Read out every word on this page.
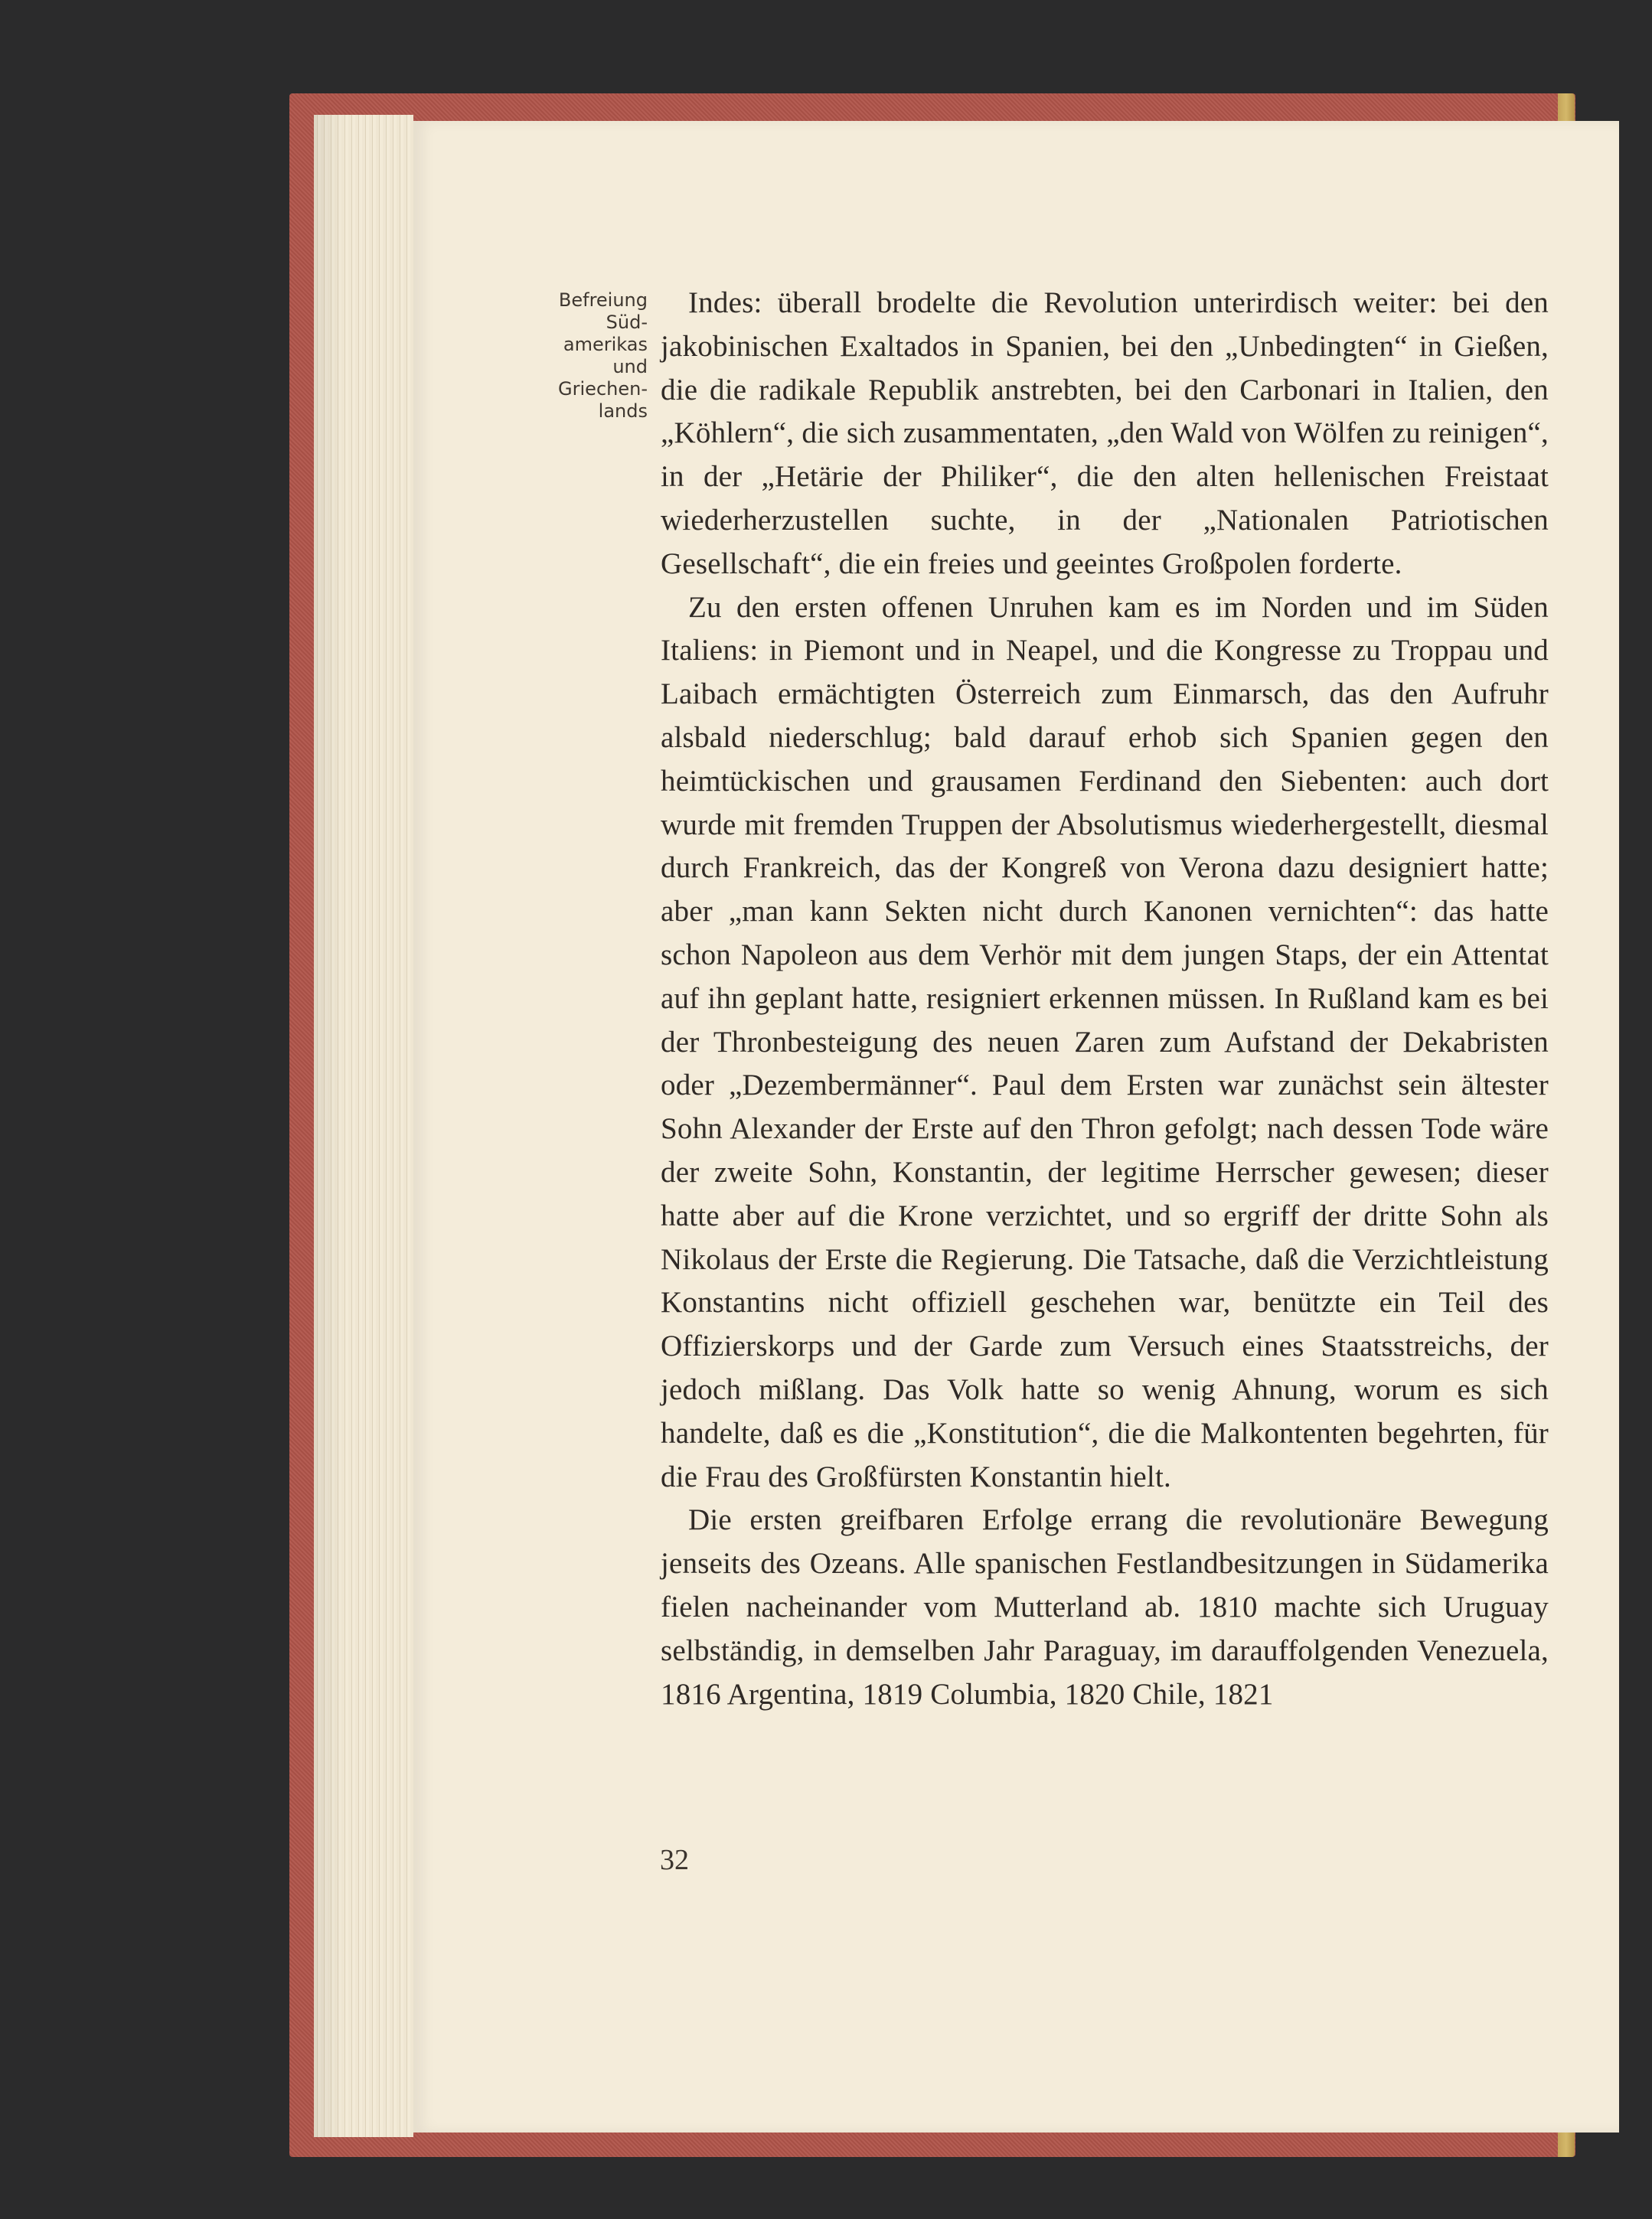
Befreiung
Süd-
amerikas
und
Griechen-
lands

Indes: überall brodelte die Revolution unterirdisch weiter: bei den jakobinischen Exaltados in Spanien, bei den „Unbedingten“ in Gießen, die die radikale Republik anstrebten, bei den Carbonari in Italien, den „Köhlern“, die sich zusammentaten, „den Wald von Wölfen zu reinigen“, in der „Hetärie der Philiker“, die den alten hellenischen Freistaat wiederherzustellen suchte, in der „Nationalen Patriotischen Gesellschaft“, die ein freies und geeintes Großpolen forderte.

Zu den ersten offenen Unruhen kam es im Norden und im Süden Italiens: in Piemont und in Neapel, und die Kongresse zu Troppau und Laibach ermächtigten Österreich zum Einmarsch, das den Aufruhr alsbald niederschlug; bald darauf erhob sich Spanien gegen den heimtückischen und grausamen Ferdinand den Siebenten: auch dort wurde mit fremden Truppen der Absolutismus wiederhergestellt, diesmal durch Frankreich, das der Kongreß von Verona dazu designiert hatte; aber „man kann Sekten nicht durch Kanonen vernichten“: das hatte schon Napoleon aus dem Verhör mit dem jungen Staps, der ein Attentat auf ihn geplant hatte, resigniert erkennen müssen. In Rußland kam es bei der Thronbesteigung des neuen Zaren zum Aufstand der Dekabristen oder „Dezembermänner“. Paul dem Ersten war zunächst sein ältester Sohn Alexander der Erste auf den Thron gefolgt; nach dessen Tode wäre der zweite Sohn, Konstantin, der legitime Herrscher gewesen; dieser hatte aber auf die Krone verzichtet, und so ergriff der dritte Sohn als Nikolaus der Erste die Regierung. Die Tatsache, daß die Verzichtleistung Konstantins nicht offiziell geschehen war, benützte ein Teil des Offizierskorps und der Garde zum Versuch eines Staatsstreichs, der jedoch mißlang. Das Volk hatte so wenig Ahnung, worum es sich handelte, daß es die „Konstitution“, die die Malkontenten begehrten, für die Frau des Großfürsten Konstantin hielt.

Die ersten greifbaren Erfolge errang die revolutionäre Bewegung jenseits des Ozeans. Alle spanischen Festlandbesitzungen in Südamerika fielen nacheinander vom Mutterland ab. 1810 machte sich Uruguay selbständig, in demselben Jahr Paraguay, im darauffolgenden Venezuela, 1816 Argentina, 1819 Columbia, 1820 Chile, 1821

32
